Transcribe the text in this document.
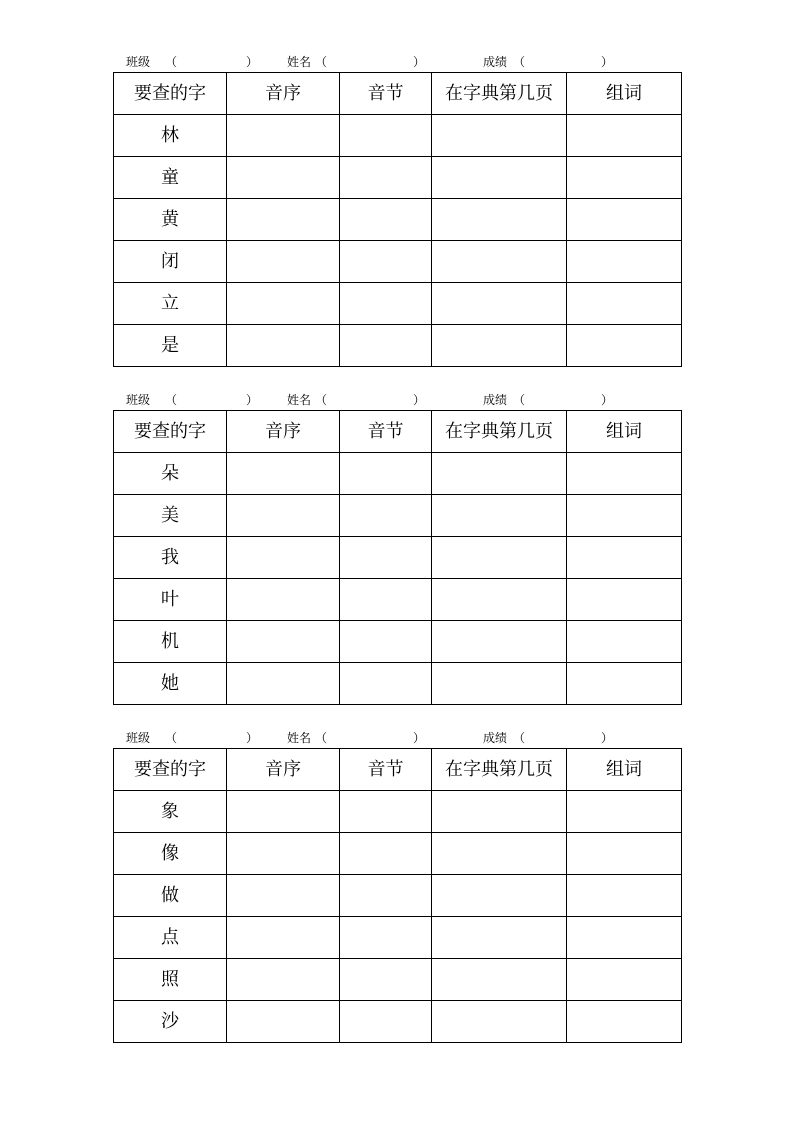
班级 （	） 姓名 （	）	成绩 （	）
要查的字	音序	音节	在字典第几页	组词
林				
童				
黄				
闭				
立				
是				
班级 （	） 姓名 （	）	成绩 （	）
要查的字	音序	音节	在字典第几页	组词
朵				
美				
我				
叶				
机				
她				
班级 （	） 姓名 （	）	成绩 （	）
要查的字	音序	音节	在字典第几页	组词
象				
像				
做				
点				
照				
沙				
